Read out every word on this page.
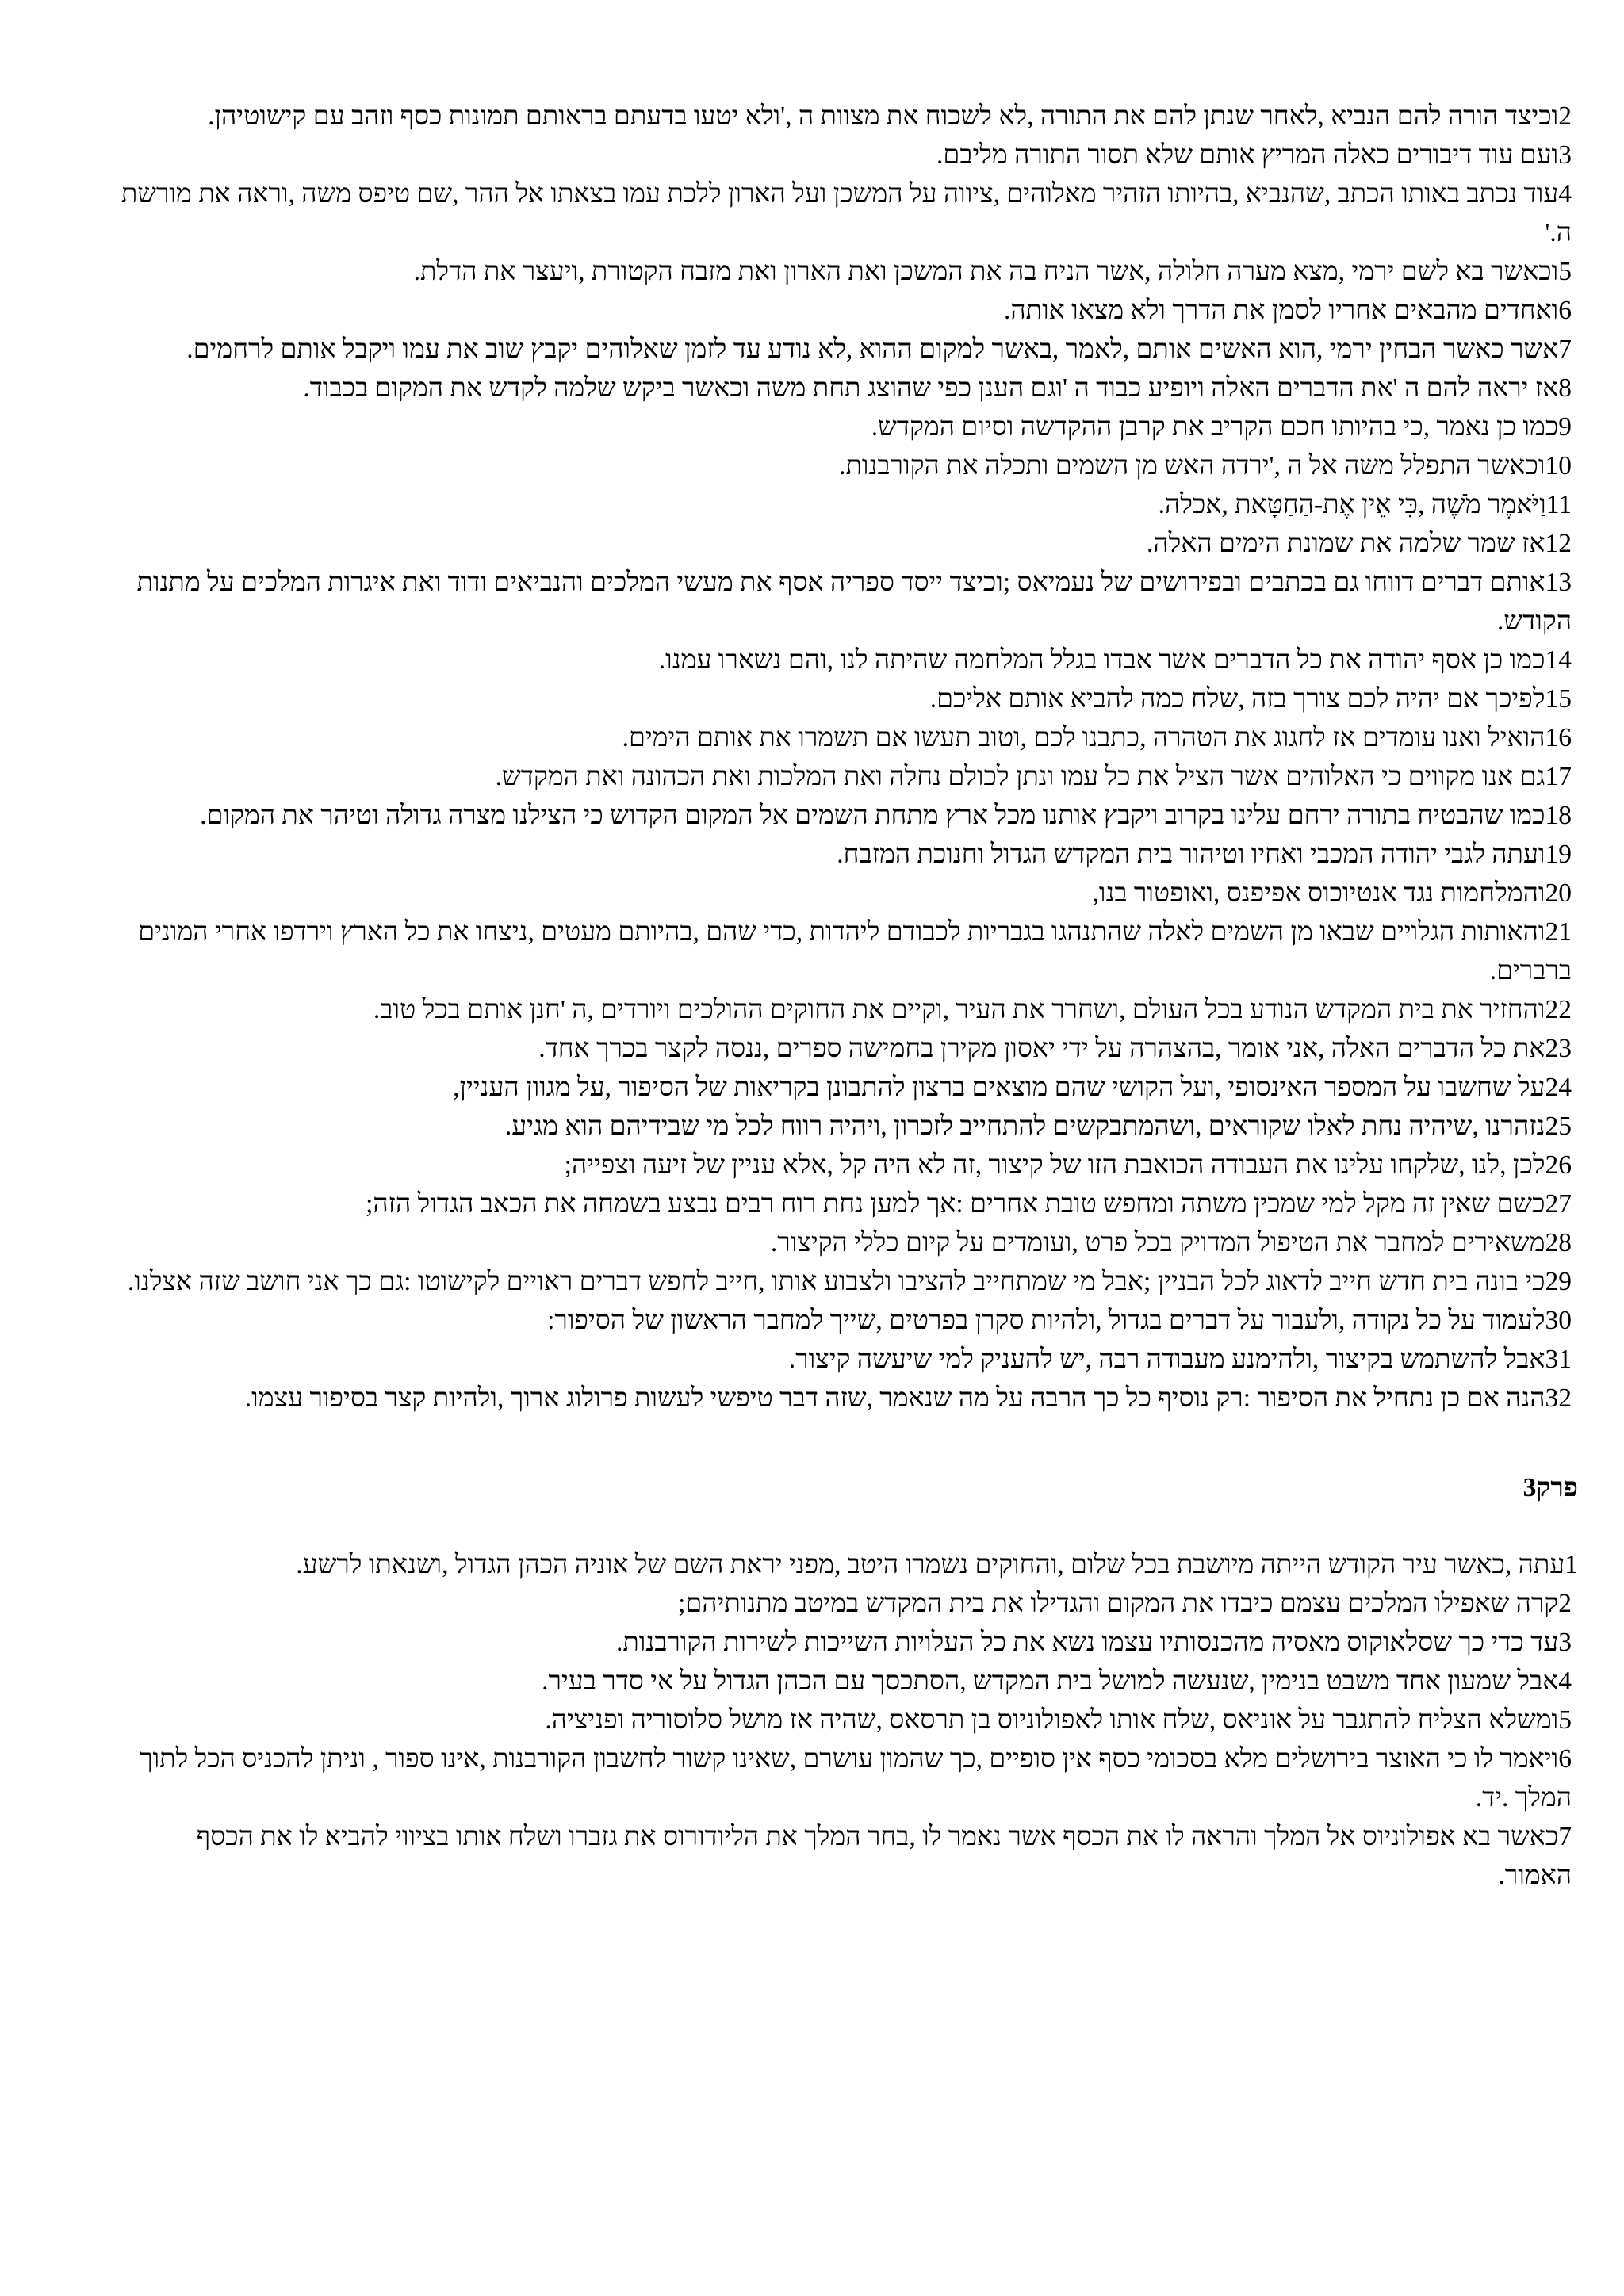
2וכיצד הורה להם הנביא ,לאחר שנתן להם את התורה ,לא לשכוח את מצוות ה ,'ולא יטעו בדעתם בראותם תמונות כסף וזהב עם קישוטיהן.

3ועם עוד דיבורים כאלה המריץ אותם שלא תסור התורה מליבם.

4עוד נכתב באותו הכתב ,שהנביא ,בהיותו הזהיר מאלוהים ,ציווה על המשכן ועל הארון ללכת עמו בצאתו אל ההר ,שם טיפס משה ,וראה את מורשת ה.'

5וכאשר בא לשם ירמי ,מצא מערה חלולה ,אשר הניח בה את המשכן ואת הארון ואת מזבח הקטורת ,ויעצר את הדלת.

6ואחדים מהבאים אחריו לסמן את הדרך ולא מצאו אותה.

7אשר כאשר הבחין ירמי ,הוא האשים אותם ,לאמר ,באשר למקום ההוא ,לא נודע עד לזמן שאלוהים יקבץ שוב את עמו ויקבל אותם לרחמים.

8אז יראה להם ה 'את הדברים האלה ויופיע כבוד ה 'וגם הענן כפי שהוצג תחת משה וכאשר ביקש שלמה לקדש את המקום בכבוד.

9כמו כן נאמר ,כי בהיותו חכם הקריב את קרבן ההקדשה וסיום המקדש.

10וכאשר התפלל משה אל ה ,'ירדה האש מן השמים ותכלה את הקורבנות.

11וַיֹּאמֶר מֹשֶׁה ,כִּי אֵין אֶת-הַחַטָּאת ,אכלה.

12אז שמר שלמה את שמונת הימים האלה.

13אותם דברים דווחו גם בכתבים ובפירושים של נעמיאס ;וכיצד ייסד ספריה אסף את מעשי המלכים והנביאים ודוד ואת איגרות המלכים על מתנות הקודש.

14כמו כן אסף יהודה את כל הדברים אשר אבדו בגלל המלחמה שהיתה לנו ,והם נשארו עמנו.

15לפיכך אם יהיה לכם צורך בזה ,שלח כמה להביא אותם אליכם.

16הואיל ואנו עומדים אז לחגוג את הטהרה ,כתבנו לכם ,וטוב תעשו אם תשמרו את אותם הימים.

17גם אנו מקווים כי האלוהים אשר הציל את כל עמו ונתן לכולם נחלה ואת המלכות ואת הכהונה ואת המקדש.

18כמו שהבטיח בתורה ירחם עלינו בקרוב ויקבץ אותנו מכל ארץ מתחת השמים אל המקום הקדוש כי הצילנו מצרה גדולה וטיהר את המקום.

19ועתה לגבי יהודה המכבי ואחיו וטיהור בית המקדש הגדול וחנוכת המזבח.

20והמלחמות נגד אנטיוכוס אפיפנס ,ואופטור בנו,

21והאותות הגלויים שבאו מן השמים לאלה שהתנהגו בגבריות לכבודם ליהדות ,כדי שהם ,בהיותם מעטים ,ניצחו את כל הארץ וירדפו אחרי המונים ברברים.

22והחזיר את בית המקדש הנודע בכל העולם ,ושחרר את העיר ,וקיים את החוקים ההולכים ויורדים ,ה 'חנן אותם בכל טוב.

23את כל הדברים האלה ,אני אומר ,בהצהרה על ידי יאסון מקירן בחמישה ספרים ,ננסה לקצר בכרך אחד.

24על שחשבו על המספר האינסופי ,ועל הקושי שהם מוצאים ברצון להתבונן בקריאות של הסיפור ,על מגוון העניין,

25נזהרנו ,שיהיה נחת לאלו שקוראים ,ושהמתבקשים להתחייב לזכרון ,ויהיה רווח לכל מי שבידיהם הוא מגיע.

26לכן ,לנו ,שלקחו עלינו את העבודה הכואבת הזו של קיצור ,זה לא היה קל ,אלא עניין של זיעה וצפייה;

27כשם שאין זה מקל למי שמכין משתה ומחפש טובת אחרים :אך למען נחת רוח רבים נבצע בשמחה את הכאב הגדול הזה;

28משאירים למחבר את הטיפול המדויק בכל פרט ,ועומדים על קיום כללי הקיצור.

29כי בונה בית חדש חייב לדאוג לכל הבניין ;אבל מי שמתחייב להציבו ולצבוע אותו ,חייב לחפש דברים ראויים לקישוטו :גם כך אני חושב שזה אצלנו.

30לעמוד על כל נקודה ,ולעבור על דברים בגדול ,ולהיות סקרן בפרטים ,שייך למחבר הראשון של הסיפור:

31אבל להשתמש בקיצור ,ולהימנע מעבודה רבה ,יש להעניק למי שיעשה קיצור.

32הנה אם כן נתחיל את הסיפור :רק נוסיף כל כך הרבה על מה שנאמר ,שזה דבר טיפשי לעשות פרולוג ארוך ,ולהיות קצר בסיפור עצמו.

פרק3

1עתה ,כאשר עיר הקודש הייתה מיושבת בכל שלום ,והחוקים נשמרו היטב ,מפני יראת השם של אוניה הכהן הגדול ,ושנאתו לרשע.

2קרה שאפילו המלכים עצמם כיבדו את המקום והגדילו את בית המקדש במיטב מתנותיהם;

3עד כדי כך שסלאוקוס מאסיה מהכנסותיו עצמו נשא את כל העלויות השייכות לשירות הקורבנות.

4אבל שמעון אחד משבט בנימין ,שנעשה למושל בית המקדש ,הסתכסך עם הכהן הגדול על אי סדר בעיר.

5ומשלא הצליח להתגבר על אוניאס ,שלח אותו לאפולוניוס בן תרסאס ,שהיה אז מושל סלוסוריה ופניציה.

6ויאמר לו כי האוצר בירושלים מלא בסכומי כסף אין סופיים ,כך שהמון עושרם ,שאינו קשור לחשבון הקורבנות ,אינו ספור , וניתן להכניס הכל לתוך המלך .יד.

7כאשר בא אפולוניוס אל המלך והראה לו את הכסף אשר נאמר לו ,בחר המלך את הליודורוס את גזברו ושלח אותו בציווי להביא לו את הכסף האמור.
